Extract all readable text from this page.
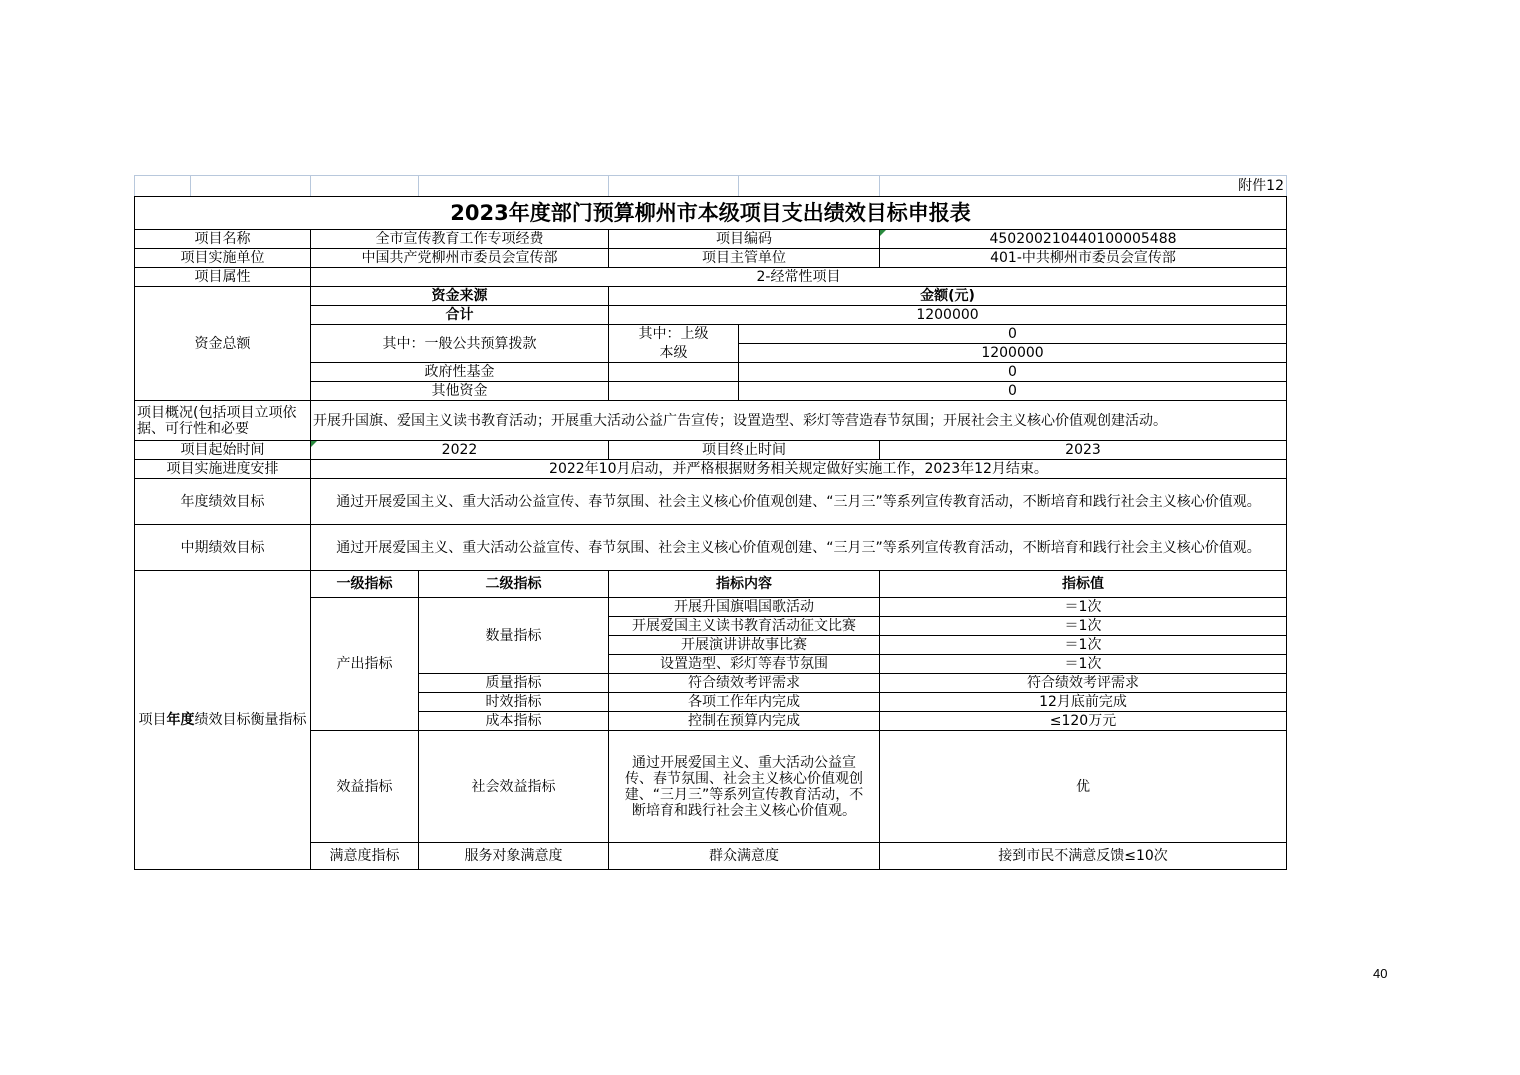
						附件12
2023年度部门预算柳州市本级项目支出绩效目标申报表						
项目名称		全市宣传教育工作专项经费		项目编码		450200210440100005488
项目实施单位		中国共产党柳州市委员会宣传部		项目主管单位		401-中共柳州市委员会宣传部
项目属性		2-经常性项目				
资金总额		资金来源		金额(元)		
		合计		1200000		
		其中：一般公共预算拨款		其中：上级	0	
				本级	1200000	
		政府性基金			0	
		其他资金			0	
项目概况(包括项目立项依据、可行性和必要		开展升国旗、爱国主义读书教育活动；开展重大活动公益广告宣传；设置造型、彩灯等营造春节氛围；开展社会主义核心价值观创建活动。				
项目起始时间		2022		项目终止时间		2023
项目实施进度安排		2022年10月启动，并严格根据财务相关规定做好实施工作，2023年12月结束。				
年度绩效目标		通过开展爱国主义、重大活动公益宣传、春节氛围、社会主义核心价值观创建、“三月三”等系列宣传教育活动，不断培育和践行社会主义核心价值观。				
中期绩效目标		通过开展爱国主义、重大活动公益宣传、春节氛围、社会主义核心价值观创建、“三月三”等系列宣传教育活动，不断培育和践行社会主义核心价值观。				
项目年度绩效目标衡量指标		一级指标	二级指标	指标内容		指标值
		产出指标	数量指标	开展升国旗唱国歌活动		＝1次
				开展爱国主义读书教育活动征文比赛		＝1次
				开展演讲讲故事比赛		＝1次
				设置造型、彩灯等春节氛围		＝1次
			质量指标	符合绩效考评需求		符合绩效考评需求
			时效指标	各项工作年内完成		12月底前完成
			成本指标	控制在预算内完成		≤120万元
		效益指标	社会效益指标	通过开展爱国主义、重大活动公益宣传、春节氛围、社会主义核心价值观创建、“三月三”等系列宣传教育活动，不断培育和践行社会主义核心价值观。		优
		满意度指标	服务对象满意度	群众满意度		接到市民不满意反馈≤10次
40
